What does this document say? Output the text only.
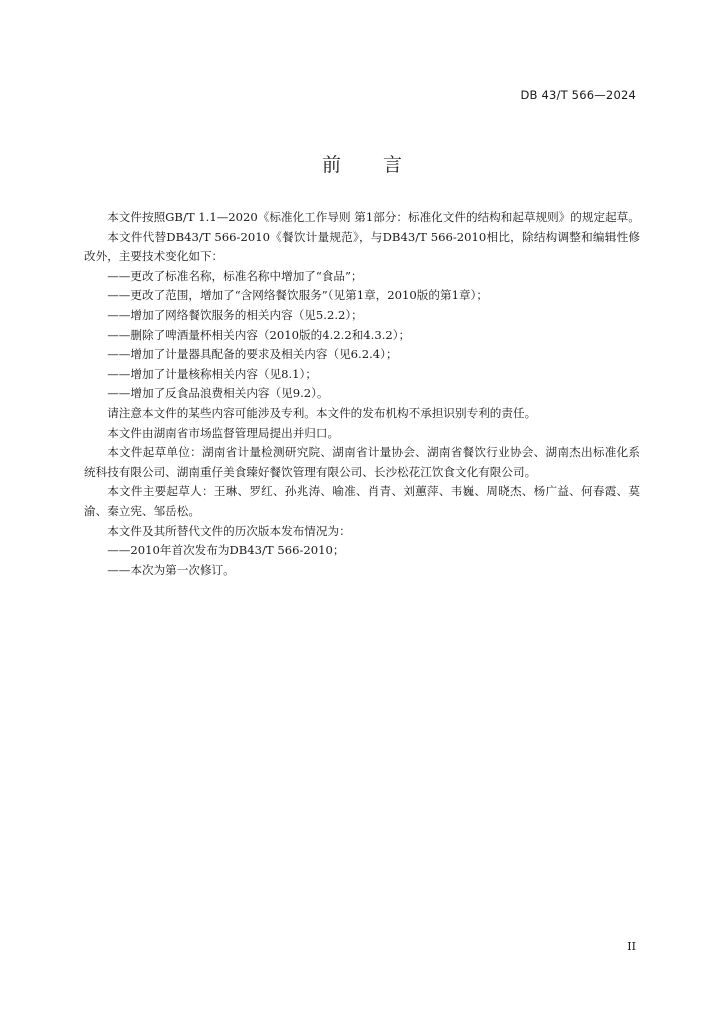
DB 43/T 566—2024
前言

本文件按照GB/T 1.1—2020《标准化工作导则 第1部分：标准化文件的结构和起草规则》的规定起草。

本文件代替DB43/T 566-2010《餐饮计量规范》，与DB43/T 566-2010相比，除结构调整和编辑性修改外，主要技术变化如下：

——更改了标准名称，标准名称中增加了“食品”；

——更改了范围，增加了“含网络餐饮服务”（见第1章，2010版的第1章）；

——增加了网络餐饮服务的相关内容（见5.2.2）；

——删除了啤酒量杯相关内容（2010版的4.2.2和4.3.2）；

——增加了计量器具配备的要求及相关内容（见6.2.4）；

——增加了计量核称相关内容（见8.1）；

——增加了反食品浪费相关内容（见9.2）。

请注意本文件的某些内容可能涉及专利。本文件的发布机构不承担识别专利的责任。

本文件由湖南省市场监督管理局提出并归口。

本文件起草单位：湖南省计量检测研究院、湖南省计量协会、湖南省餐饮行业协会、湖南杰出标准化系统科技有限公司、湖南重仔美食臻好餐饮管理有限公司、长沙松花江饮食文化有限公司。

本文件主要起草人：王琳、罗红、孙兆涛、喻准、肖青、刘蕙萍、韦巍、周晓杰、杨广益、何春霞、莫渝、秦立宪、邹岳松。

本文件及其所替代文件的历次版本发布情况为：

——2010年首次发布为DB43/T 566-2010；

——本次为第一次修订。

II
